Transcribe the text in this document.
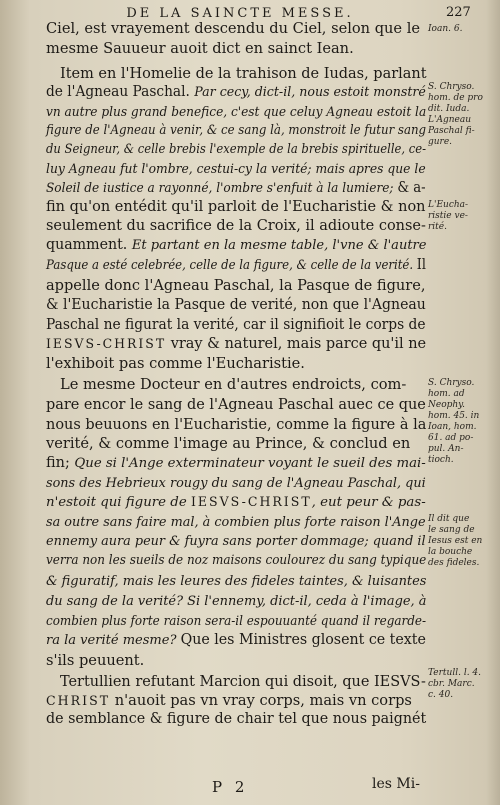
DE LA SAINCTE MESSE.	227
Ciel, est vrayement descendu du Ciel, selon que le
mesme Sauueur auoit dict en sainct Iean.
Item en l'Homelie de la trahison de Iudas, parlant
de l'Agneau Paschal. Par cecy, dict-il, nous estoit monstré
vn autre plus grand benefice, c'est que celuy Agneau estoit la
figure de l'Agneau à venir, & ce sang là, monstroit le futur sang
du Seigneur, & celle brebis l'exemple de la brebis spirituelle, ce-
luy Agneau fut l'ombre, cestui-cy la verité; mais apres que le
Soleil de iustice a rayonné, l'ombre s'enfuit à la lumiere; & a-
fin qu'on entédit qu'il parloit de l'Eucharistie & non
seulement du sacrifice de la Croix, il adioute conse-
quamment. Et partant en la mesme table, l'vne & l'autre
Pasque a esté celebrée, celle de la figure, & celle de la verité. Il
appelle donc l'Agneau Paschal, la Pasque de figure,
& l'Eucharistie la Pasque de verité, non que l'Agneau
Paschal ne figurat la verité, car il signifioit le corps de
IESVS-CHRIST vray & naturel, mais parce qu'il ne
l'exhiboit pas comme l'Eucharistie.
Le mesme Docteur en d'autres endroicts, com-
pare encor le sang de l'Agneau Paschal auec ce que
nous beuuons en l'Eucharistie, comme la figure à la
verité, & comme l'image au Prince, & conclud en
fin; Que si l'Ange exterminateur voyant le sueil des mai-
sons des Hebrieux rougy du sang de l'Agneau Paschal, qui
n'estoit qui figure de IESVS-CHRIST, eut peur & pas-
sa outre sans faire mal, à combien plus forte raison l'Ange
ennemy aura peur & fuyra sans porter dommage; quand il
verra non les sueils de noz maisons coulourez du sang typique
& figuratif, mais les leures des fideles taintes, & luisantes
du sang de la verité? Si l'ennemy, dict-il, ceda à l'image, à
combien plus forte raison sera-il espouuanté quand il regarde-
ra la verité mesme? Que les Ministres glosent ce texte
s'ils peuuent.
Tertullien refutant Marcion qui disoit, que IESVS-
CHRIST n'auoit pas vn vray corps, mais vn corps
de semblance & figure de chair tel que nous paignét
Ioan. 6.
S. Chryso.
hom. de pro
dit. Iuda.
L'Agneau
Paschal fi-
gure.
L'Eucha-
ristie ve-
rité.
S. Chryso.
hom. ad
Neophy.
hom. 45. in
Ioan, hom.
61. ad po-
pul. An-
tioch.
Il dit que
le sang de
Iesus est en
la bouche
des fideles.
Tertull. l. 4.
cbr. Marc.
c. 40.
P 2	les Mi-
